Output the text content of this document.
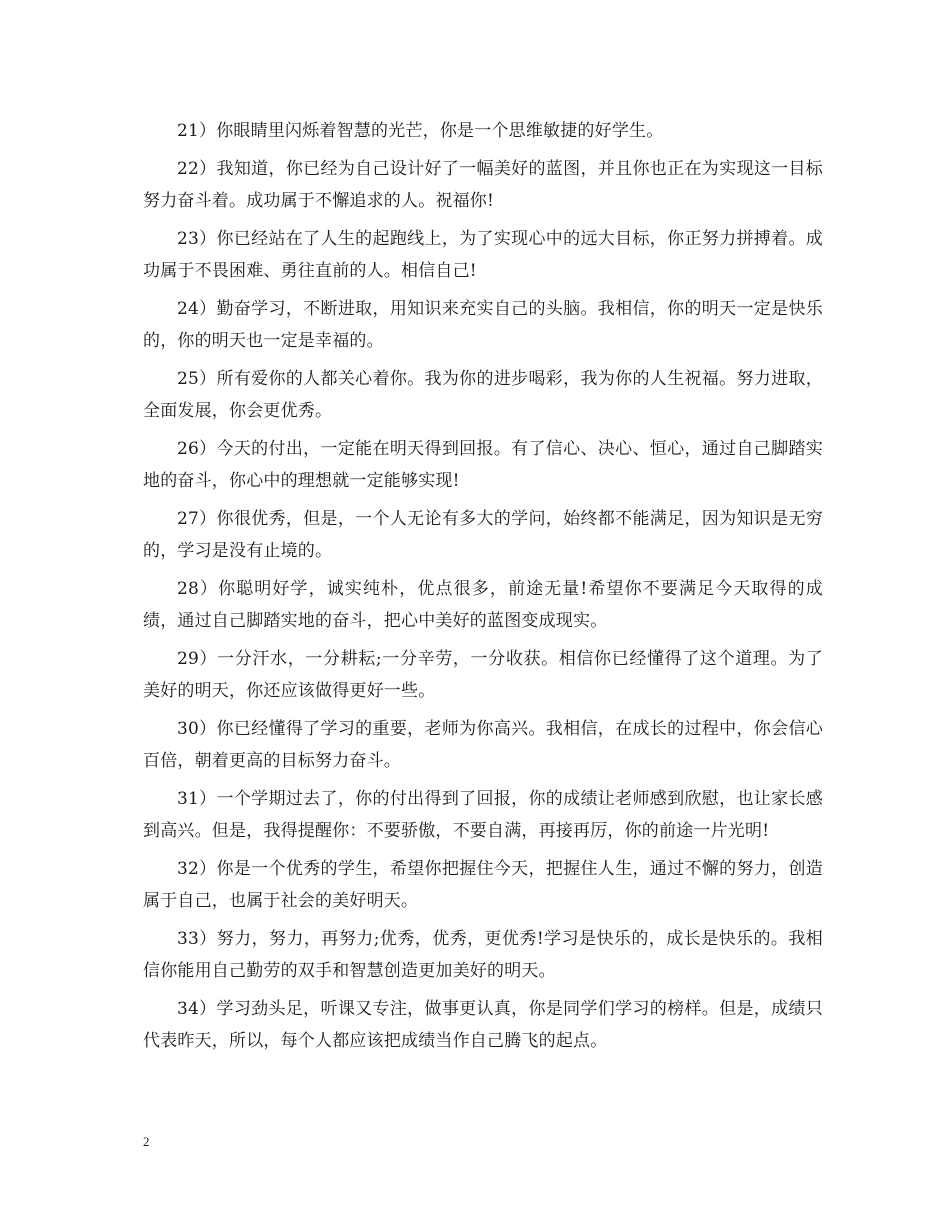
21）你眼睛里闪烁着智慧的光芒，你是一个思维敏捷的好学生。

22）我知道，你已经为自己设计好了一幅美好的蓝图，并且你也正在为实现这一目标努力奋斗着。成功属于不懈追求的人。祝福你!

23）你已经站在了人生的起跑线上，为了实现心中的远大目标，你正努力拼搏着。成功属于不畏困难、勇往直前的人。相信自己!

24）勤奋学习，不断进取，用知识来充实自己的头脑。我相信，你的明天一定是快乐的，你的明天也一定是幸福的。

25）所有爱你的人都关心着你。我为你的进步喝彩，我为你的人生祝福。努力进取，全面发展，你会更优秀。

26）今天的付出，一定能在明天得到回报。有了信心、决心、恒心，通过自己脚踏实地的奋斗，你心中的理想就一定能够实现!

27）你很优秀，但是，一个人无论有多大的学问，始终都不能满足，因为知识是无穷的，学习是没有止境的。

28）你聪明好学，诚实纯朴，优点很多，前途无量!希望你不要满足今天取得的成绩，通过自己脚踏实地的奋斗，把心中美好的蓝图变成现实。

29）一分汗水，一分耕耘;一分辛劳，一分收获。相信你已经懂得了这个道理。为了美好的明天，你还应该做得更好一些。

30）你已经懂得了学习的重要，老师为你高兴。我相信，在成长的过程中，你会信心百倍，朝着更高的目标努力奋斗。

31）一个学期过去了，你的付出得到了回报，你的成绩让老师感到欣慰，也让家长感到高兴。但是，我得提醒你：不要骄傲，不要自满，再接再厉，你的前途一片光明!

32）你是一个优秀的学生，希望你把握住今天，把握住人生，通过不懈的努力，创造属于自己，也属于社会的美好明天。

33）努力，努力，再努力;优秀，优秀，更优秀!学习是快乐的，成长是快乐的。我相信你能用自己勤劳的双手和智慧创造更加美好的明天。

34）学习劲头足，听课又专注，做事更认真，你是同学们学习的榜样。但是，成绩只代表昨天，所以，每个人都应该把成绩当作自己腾飞的起点。

2
